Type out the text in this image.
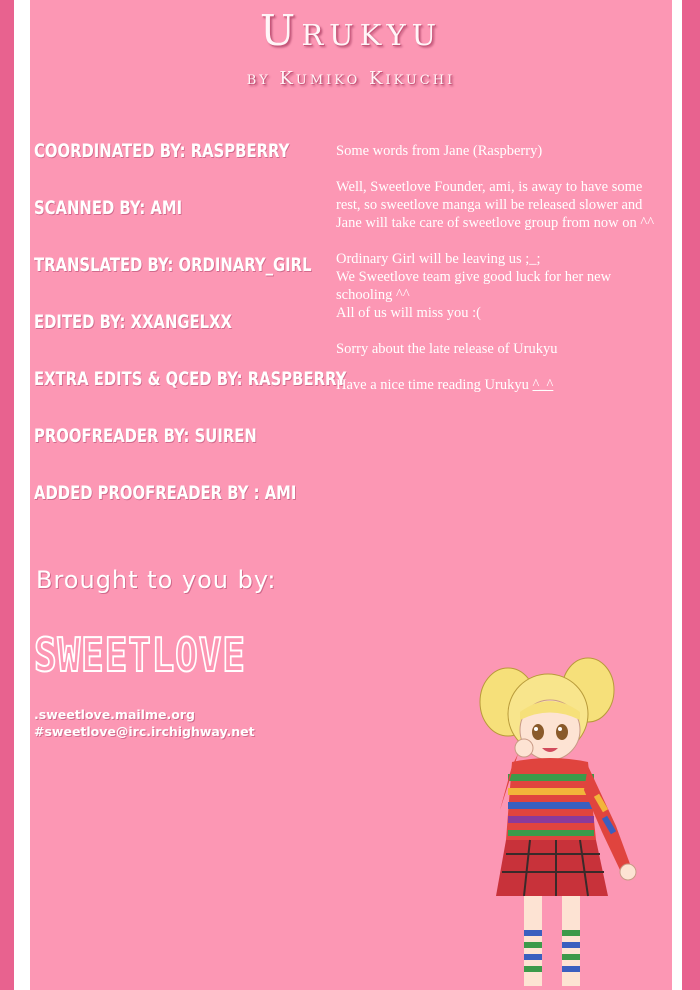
Urukyu
by Kumiko Kikuchi
COORDINATED BY: RASPBERRY
SCANNED BY: AMI
TRANSLATED BY: ORDINARY_GIRL
EDITED BY: XXANGELXX
EXTRA EDITS & QCED BY: RASPBERRY
PROOFREADER BY: SUIREN
ADDED PROOFREADER BY : AMI

Some words from Jane (Raspberry)

Well, Sweetlove Founder, ami, is away to have some
rest, so sweetlove manga will be released slower and
Jane will take care of sweetlove group from now on ^^

Ordinary Girl will be leaving us ;_;
We Sweetlove team give good luck for her new
schooling ^^
All of us will miss you :(

Sorry about the late release of Urukyu

Have a nice time reading Urukyu ^_^

Brought to you by:
SWEETLOVE
.sweetlove.mailme.org
#sweetlove@irc.irchighway.net
